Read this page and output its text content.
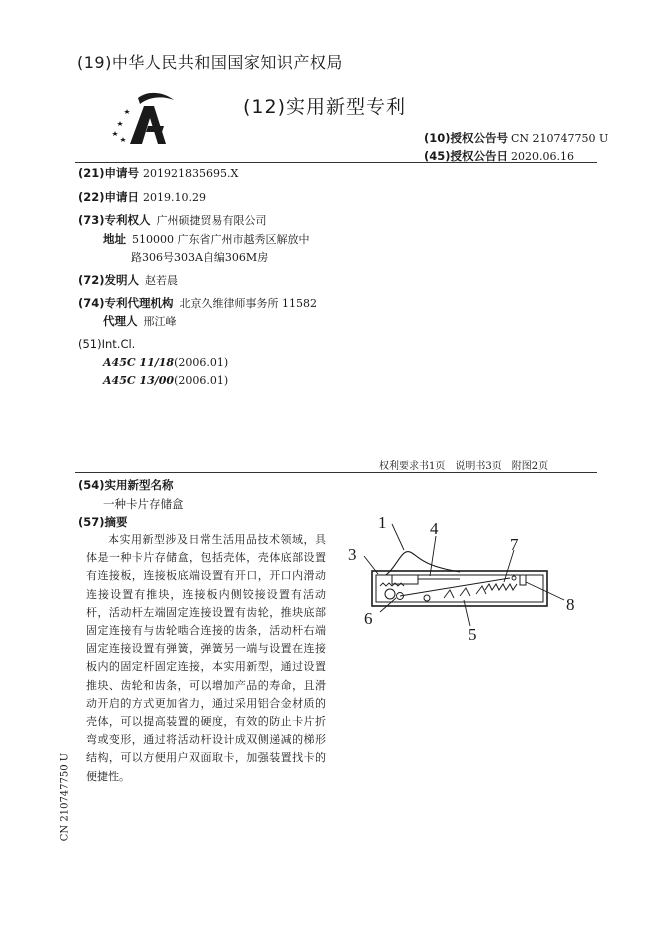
(19)中华人民共和国国家知识产权局
(12)实用新型专利
(10)授权公告号 CN 210747750 U
(45)授权公告日 2020.06.16
(21)申请号 201921835695.X
(22)申请日 2019.10.29
(73)专利权人 广州硕捷贸易有限公司
地址 510000 广东省广州市越秀区解放中
路306号303A自编306M房
(72)发明人 赵若晨
(74)专利代理机构 北京久维律师事务所 11582
代理人 邢江峰
(51)Int.Cl.
A45C 11/18(2006.01)
A45C 13/00(2006.01)
权利要求书1页　说明书3页　附图2页
(54)实用新型名称
一种卡片存储盒
(57)摘要

本实用新型涉及日常生活用品技术领域，具体是一种卡片存储盒，包括壳体，壳体底部设置有连接板，连接板底端设置有开口，开口内滑动连接设置有推块，连接板内侧铰接设置有活动杆，活动杆左端固定连接设置有齿轮，推块底部固定连接有与齿轮啮合连接的齿条，活动杆右端固定连接设置有弹簧，弹簧另一端与设置在连接板内的固定杆固定连接，本实用新型，通过设置推块、齿轮和齿条，可以增加产品的寿命，且滑动开启的方式更加省力，通过采用铝合金材质的壳体，可以提高装置的硬度，有效的防止卡片折弯或变形，通过将活动杆设计成双侧递减的梯形结构，可以方便用户双面取卡，加强装置找卡的便捷性。

1	4
3
7
8
6
5
CN 210747750 U
